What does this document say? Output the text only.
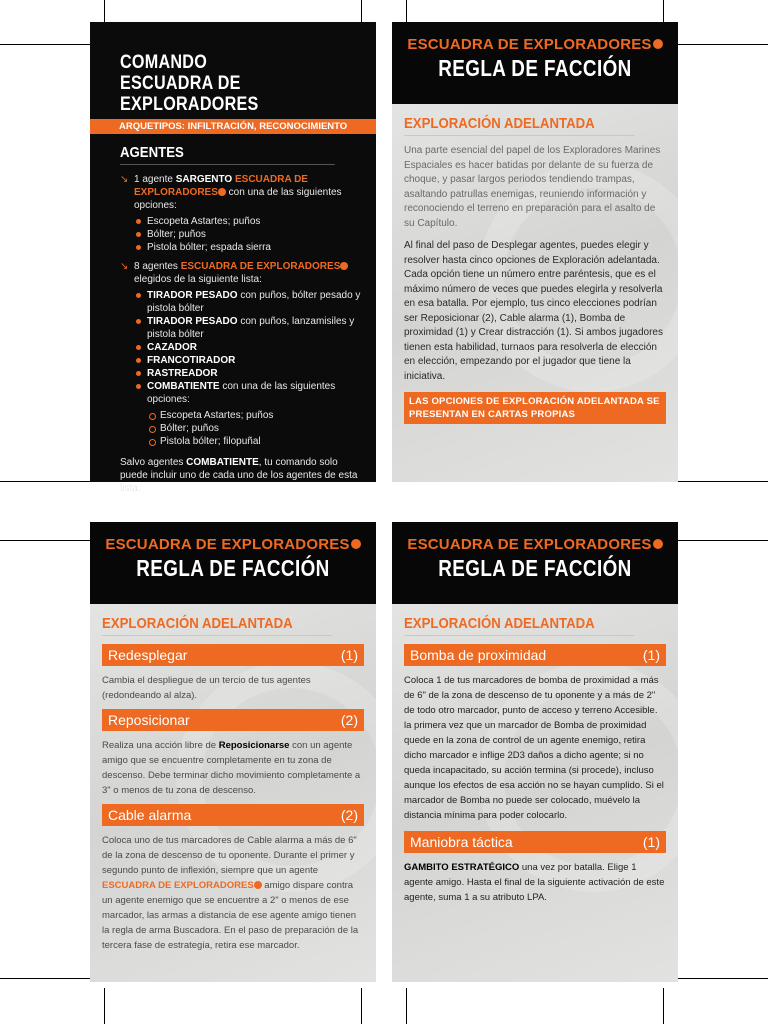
COMANDO
ESCUADRA DE EXPLORADORES
ARQUETIPOS: INFILTRACIÓN, RECONOCIMIENTO
AGENTES
↘ 1 agente SARGENTO ESCUADRA DE EXPLORADORES con una de las siguientes opciones:
Escopeta Astartes; puños
Bólter; puños
Pistola bólter; espada sierra
↘ 8 agentes ESCUADRA DE EXPLORADORES elegidos de la siguiente lista:
TIRADOR PESADO con puños, bólter pesado y pistola bólter
TIRADOR PESADO con puños, lanzamisiles y pistola bólter
CAZADOR
FRANCOTIRADOR
RASTREADOR
COMBATIENTE con una de las siguientes opciones:
Escopeta Astartes; puños
Bólter; puños
Pistola bólter; filopuñal
Salvo agentes COMBATIENTE, tu comando solo puede incluir uno de cada uno de los agentes de esta lista.
ESCUADRA DE EXPLORADORES
REGLA DE FACCIÓN
EXPLORACIÓN ADELANTADA

Una parte esencial del papel de los Exploradores Marines Espaciales es hacer batidas por delante de su fuerza de choque, y pasar largos periodos tendiendo trampas, asaltando patrullas enemigas, reuniendo información y reconociendo el terreno en preparación para el asalto de su Capítulo.

Al final del paso de Desplegar agentes, puedes elegir y resolver hasta cinco opciones de Exploración adelantada. Cada opción tiene un número entre paréntesis, que es el máximo número de veces que puedes elegirla y resolverla en esa batalla. Por ejemplo, tus cinco elecciones podrían ser Reposicionar (2), Cable alarma (1), Bomba de proximidad (1) y Crear distracción (1). Si ambos jugadores tienen esta habilidad, turnaos para resolverla de elección en elección, empezando por el jugador que tiene la iniciativa.

LAS OPCIONES DE EXPLORACIÓN ADELANTADA SE PRESENTAN EN CARTAS PROPIAS
ESCUADRA DE EXPLORADORES
REGLA DE FACCIÓN
EXPLORACIÓN ADELANTADA
Redesplegar	(1)

Cambia el despliegue de un tercio de tus agentes (redondeando al alza).

Reposicionar	(2)

Realiza una acción libre de Reposicionarse con un agente amigo que se encuentre completamente en tu zona de descenso. Debe terminar dicho movimiento completamente a 3" o menos de tu zona de descenso.

Cable alarma	(2)

Coloca uno de tus marcadores de Cable alarma a más de 6" de la zona de descenso de tu oponente. Durante el primer y segundo punto de inflexión, siempre que un agente ESCUADRA DE EXPLORADORES amigo dispare contra un agente enemigo que se encuentre a 2" o menos de ese marcador, las armas a distancia de ese agente amigo tienen la regla de arma Buscadora. En el paso de preparación de la tercera fase de estrategia, retira ese marcador.

ESCUADRA DE EXPLORADORES
REGLA DE FACCIÓN
EXPLORACIÓN ADELANTADA
Bomba de proximidad	(1)

Coloca 1 de tus marcadores de bomba de proximidad a más de 6" de la zona de descenso de tu oponente y a más de 2" de todo otro marcador, punto de acceso y terreno Accesible. la primera vez que un marcador de Bomba de proximidad quede en la zona de control de un agente enemigo, retira dicho marcador e inflige 2D3 daños a dicho agente; si no queda incapacitado, su acción termina (si procede), incluso aunque los efectos de esa acción no se hayan cumplido. Si el marcador de Bomba no puede ser colocado, muévelo la distancia mínima para poder colocarlo.

Maniobra táctica	(1)

GAMBITO ESTRATÉGICO una vez por batalla. Elige 1 agente amigo. Hasta el final de la siguiente activación de este agente, suma 1 a su atributo LPA.
